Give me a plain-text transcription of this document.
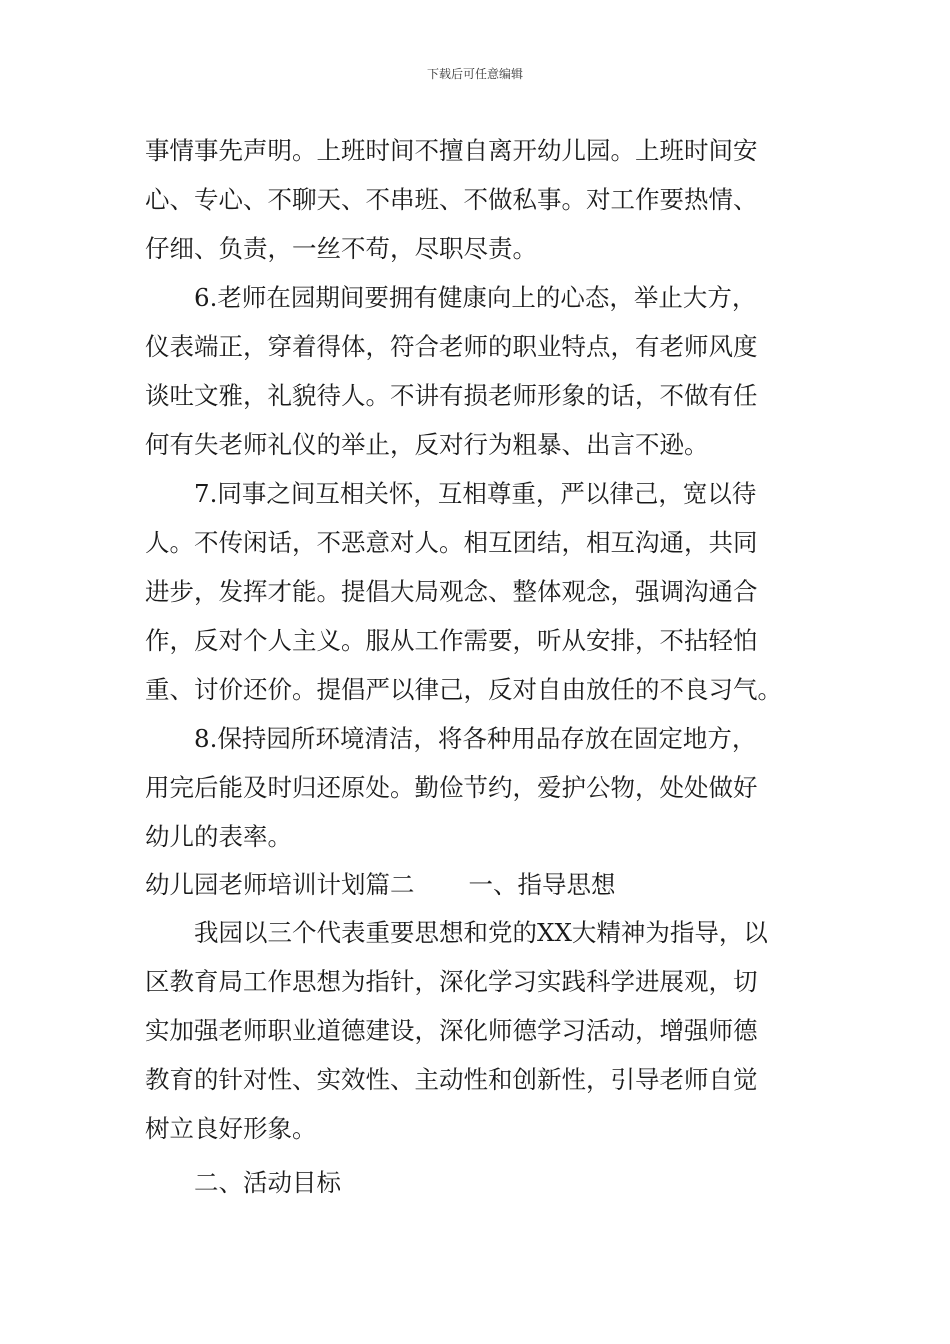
下载后可任意编辑
事情事先声明。上班时间不擅自离开幼儿园。上班时间安
心、专心、不聊天、不串班、不做私事。对工作要热情、
仔细、负责，一丝不苟，尽职尽责。
6.老师在园期间要拥有健康向上的心态，举止大方，
仪表端正，穿着得体，符合老师的职业特点，有老师风度
谈吐文雅，礼貌待人。不讲有损老师形象的话，不做有任
何有失老师礼仪的举止，反对行为粗暴、出言不逊。
7.同事之间互相关怀，互相尊重，严以律己，宽以待
人。不传闲话，不恶意对人。相互团结，相互沟通，共同
进步，发挥才能。提倡大局观念、整体观念，强调沟通合
作，反对个人主义。服从工作需要，听从安排，不拈轻怕
重、讨价还价。提倡严以律己，反对自由放任的不良习气。
8.保持园所环境清洁，将各种用品存放在固定地方，
用完后能及时归还原处。勤俭节约，爱护公物，处处做好
幼儿的表率。
幼儿园老师培训计划篇二 一、指导思想
我园以三个代表重要思想和党的XX大精神为指导，以
区教育局工作思想为指针，深化学习实践科学进展观，切
实加强老师职业道德建设，深化师德学习活动，增强师德
教育的针对性、实效性、主动性和创新性，引导老师自觉
树立良好形象。
二、活动目标
